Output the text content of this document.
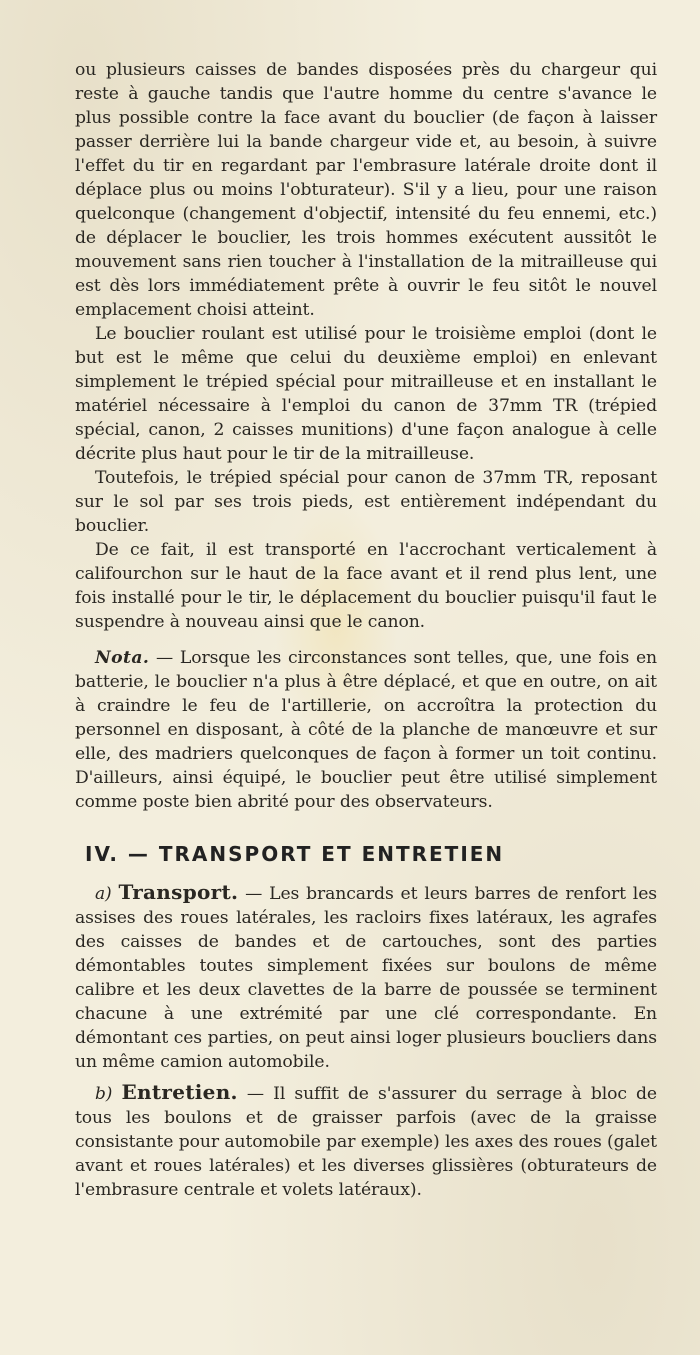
ou plusieurs caisses de bandes disposées près du chargeur qui reste à gauche tandis que l'autre homme du centre s'avance le plus possible contre la face avant du bouclier (de façon à laisser passer derrière lui la bande chargeur vide et, au besoin, à suivre l'effet du tir en regardant par l'embrasure latérale droite dont il déplace plus ou moins l'obturateur). S'il y a lieu, pour une raison quelconque (changement d'objectif, intensité du feu ennemi, etc.) de déplacer le bouclier, les trois hommes exécutent aussitôt le mouvement sans rien toucher à l'installation de la mitrailleuse qui est dès lors immédiatement prête à ouvrir le feu sitôt le nouvel emplacement choisi atteint.

Le bouclier roulant est utilisé pour le troisième emploi (dont le but est le même que celui du deuxième emploi) en enlevant simplement le trépied spécial pour mitrailleuse et en installant le matériel nécessaire à l'emploi du canon de 37mm TR (trépied spécial, canon, 2 caisses munitions) d'une façon analogue à celle décrite plus haut pour le tir de la mitrailleuse.

Toutefois, le trépied spécial pour canon de 37mm TR, reposant sur le sol par ses trois pieds, est entièrement indépendant du bouclier.

De ce fait, il est transporté en l'accrochant verticalement à califourchon sur le haut de la face avant et il rend plus lent, une fois installé pour le tir, le déplacement du bouclier puisqu'il faut le suspendre à nouveau ainsi que le canon.

Nota. — Lorsque les circonstances sont telles, que, une fois en batterie, le bouclier n'a plus à être déplacé, et que en outre, on ait à craindre le feu de l'artillerie, on accroîtra la protection du personnel en disposant, à côté de la planche de manœuvre et sur elle, des madriers quelconques de façon à former un toit continu. D'ailleurs, ainsi équipé, le bouclier peut être utilisé simplement comme poste bien abrité pour des observateurs.

IV. — TRANSPORT ET ENTRETIEN

a) Transport. — Les brancards et leurs barres de renfort les assises des roues latérales, les racloirs fixes latéraux, les agrafes des caisses de bandes et de cartouches, sont des parties démontables toutes simplement fixées sur boulons de même calibre et les deux clavettes de la barre de poussée se terminent chacune à une extrémité par une clé correspondante. En démontant ces parties, on peut ainsi loger plusieurs boucliers dans un même camion automobile.

b) Entretien. — Il suffit de s'assurer du serrage à bloc de tous les boulons et de graisser parfois (avec de la graisse consistante pour automobile par exemple) les axes des roues (galet avant et roues latérales) et les diverses glissières (obturateurs de l'embrasure centrale et volets latéraux).
